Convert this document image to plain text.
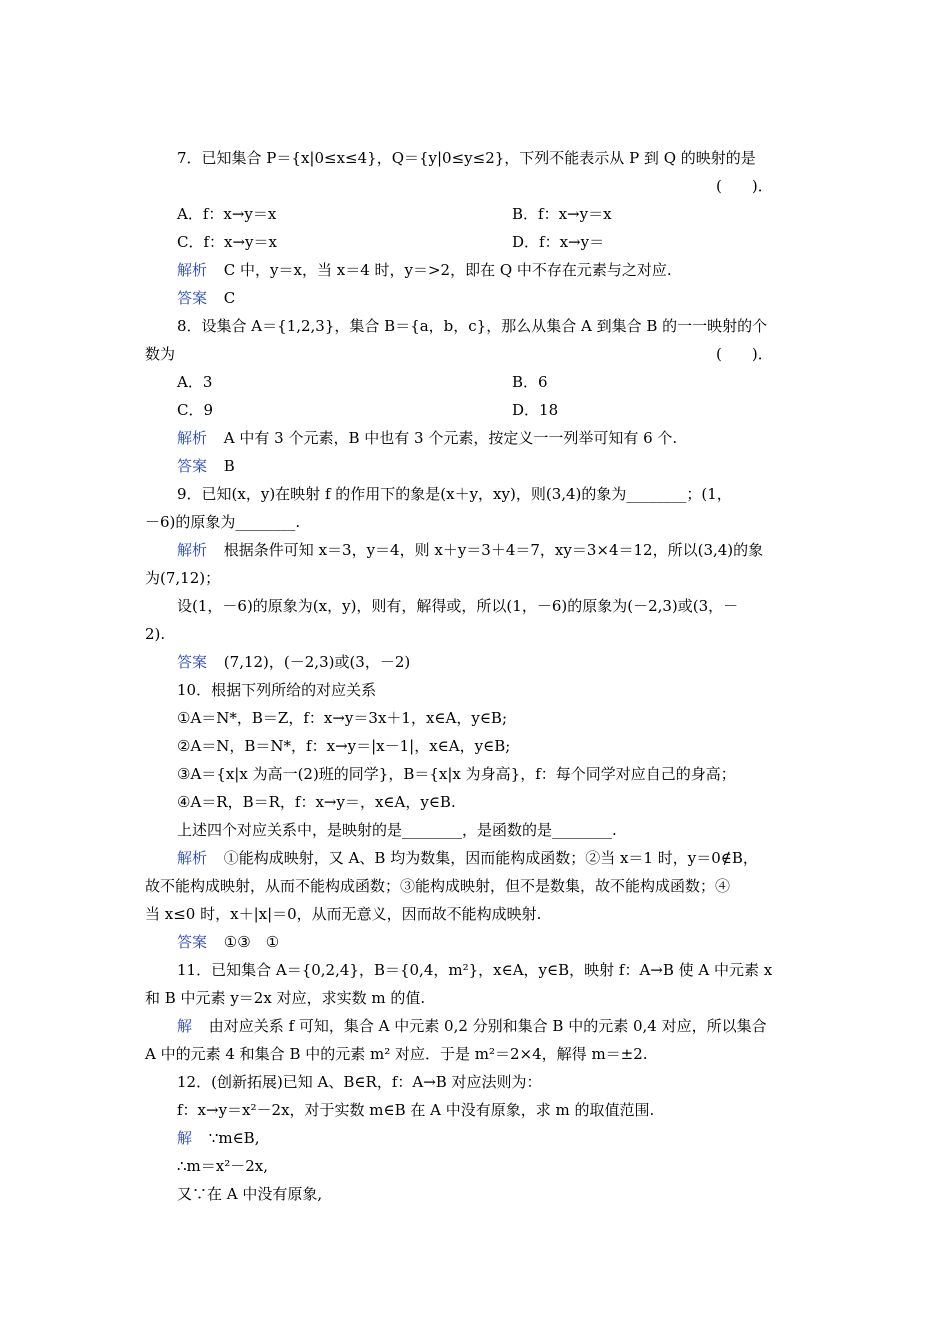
7．已知集合 P＝{x|0≤x≤4}，Q＝{y|0≤y≤2}，下列不能表示从 P 到 Q 的映射的是
(　　)．
A．f：x→y＝x	B．f：x→y＝x
C．f：x→y＝x	D．f：x→y＝
解析 C 中，y＝x，当 x＝4 时，y＝>2，即在 Q 中不存在元素与之对应.
答案 C
8．设集合 A＝{1,2,3}，集合 B＝{a，b，c}，那么从集合 A 到集合 B 的一一映射的个
数为	(　　)．
A．3	B．6
C．9	D．18
解析 A 中有 3 个元素，B 中也有 3 个元素，按定义一一列举可知有 6 个.
答案 B
9．已知(x，y)在映射 f 的作用下的象是(x＋y，xy)，则(3,4)的象为________；(1，
－6)的原象为________.
解析 根据条件可知 x＝3，y＝4，则 x＋y＝3＋4＝7，xy＝3×4＝12，所以(3,4)的象
为(7,12)；
设(1，－6)的原象为(x，y)，则有，解得或，所以(1，－6)的原象为(－2,3)或(3，－
2).
答案 (7,12)，(－2,3)或(3，－2)
10．根据下列所给的对应关系
①A＝N*，B＝Z，f：x→y＝3x＋1，x∈A，y∈B;
②A＝N，B＝N*，f：x→y＝|x－1|，x∈A，y∈B;
③A＝{x|x 为高一(2)班的同学}，B＝{x|x 为身高}，f：每个同学对应自己的身高；
④A＝R，B＝R，f：x→y＝，x∈A，y∈B.
上述四个对应关系中，是映射的是________，是函数的是________.
解析 ①能构成映射，又 A、B 均为数集，因而能构成函数；②当 x＝1 时，y＝0∉B，
故不能构成映射，从而不能构成函数；③能构成映射，但不是数集，故不能构成函数；④
当 x≤0 时，x＋|x|＝0，从而无意义，因而故不能构成映射.
答案 ①③　①
11．已知集合 A＝{0,2,4}，B＝{0,4，m²}，x∈A，y∈B，映射 f：A→B 使 A 中元素 x
和 B 中元素 y＝2x 对应，求实数 m 的值.
解 由对应关系 f 可知，集合 A 中元素 0,2 分别和集合 B 中的元素 0,4 对应，所以集合
A 中的元素 4 和集合 B 中的元素 m² 对应．于是 m²＝2×4，解得 m＝±2.
12．(创新拓展)已知 A、B∈R，f：A→B 对应法则为：
f：x→y＝x²－2x，对于实数 m∈B 在 A 中没有原象，求 m 的取值范围.
解 ∵m∈B,
∴m＝x²－2x,
又∵在 A 中没有原象,
